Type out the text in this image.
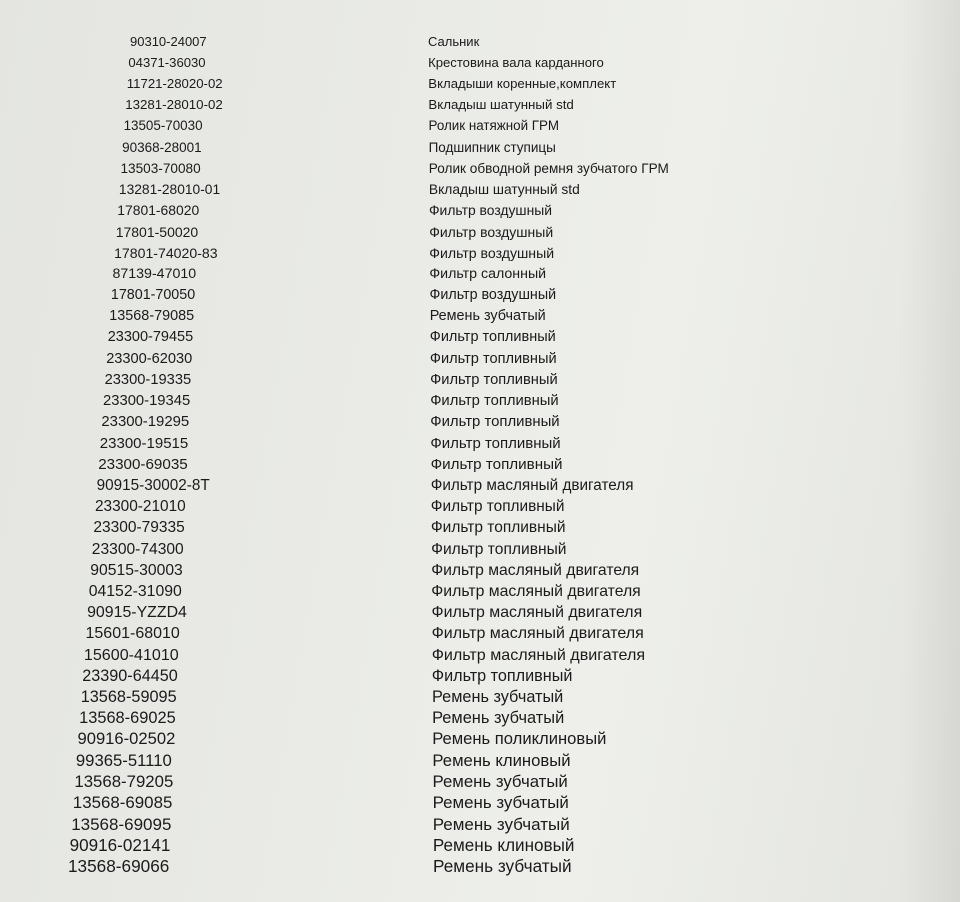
90310-24007	Сальник
04371-36030	Крестовина вала карданного
11721-28020-02	Вкладыши коренные,комплект
13281-28010-02	Вкладыш шатунный std
13505-70030	Ролик натяжной ГРМ
90368-28001	Подшипник ступицы
13503-70080	Ролик обводной ремня зубчатого ГРМ
13281-28010-01	Вкладыш шатунный std
17801-68020	Фильтр воздушный
17801-50020	Фильтр воздушный
17801-74020-83	Фильтр воздушный
87139-47010	Фильтр салонный
17801-70050	Фильтр воздушный
13568-79085	Ремень зубчатый
23300-79455	Фильтр топливный
23300-62030	Фильтр топливный
23300-19335	Фильтр топливный
23300-19345	Фильтр топливный
23300-19295	Фильтр топливный
23300-19515	Фильтр топливный
23300-69035	Фильтр топливный
90915-30002-8T	Фильтр масляный двигателя
23300-21010	Фильтр топливный
23300-79335	Фильтр топливный
23300-74300	Фильтр топливный
90515-30003	Фильтр масляный двигателя
04152-31090	Фильтр масляный двигателя
90915-YZZD4	Фильтр масляный двигателя
15601-68010	Фильтр масляный двигателя
15600-41010	Фильтр масляный двигателя
23390-64450	Фильтр топливный
13568-59095	Ремень зубчатый
13568-69025	Ремень зубчатый
90916-02502	Ремень поликлиновый
99365-51110	Ремень клиновый
13568-79205	Ремень зубчатый
13568-69085	Ремень зубчатый
13568-69095	Ремень зубчатый
90916-02141	Ремень клиновый
13568-69066	Ремень зубчатый
